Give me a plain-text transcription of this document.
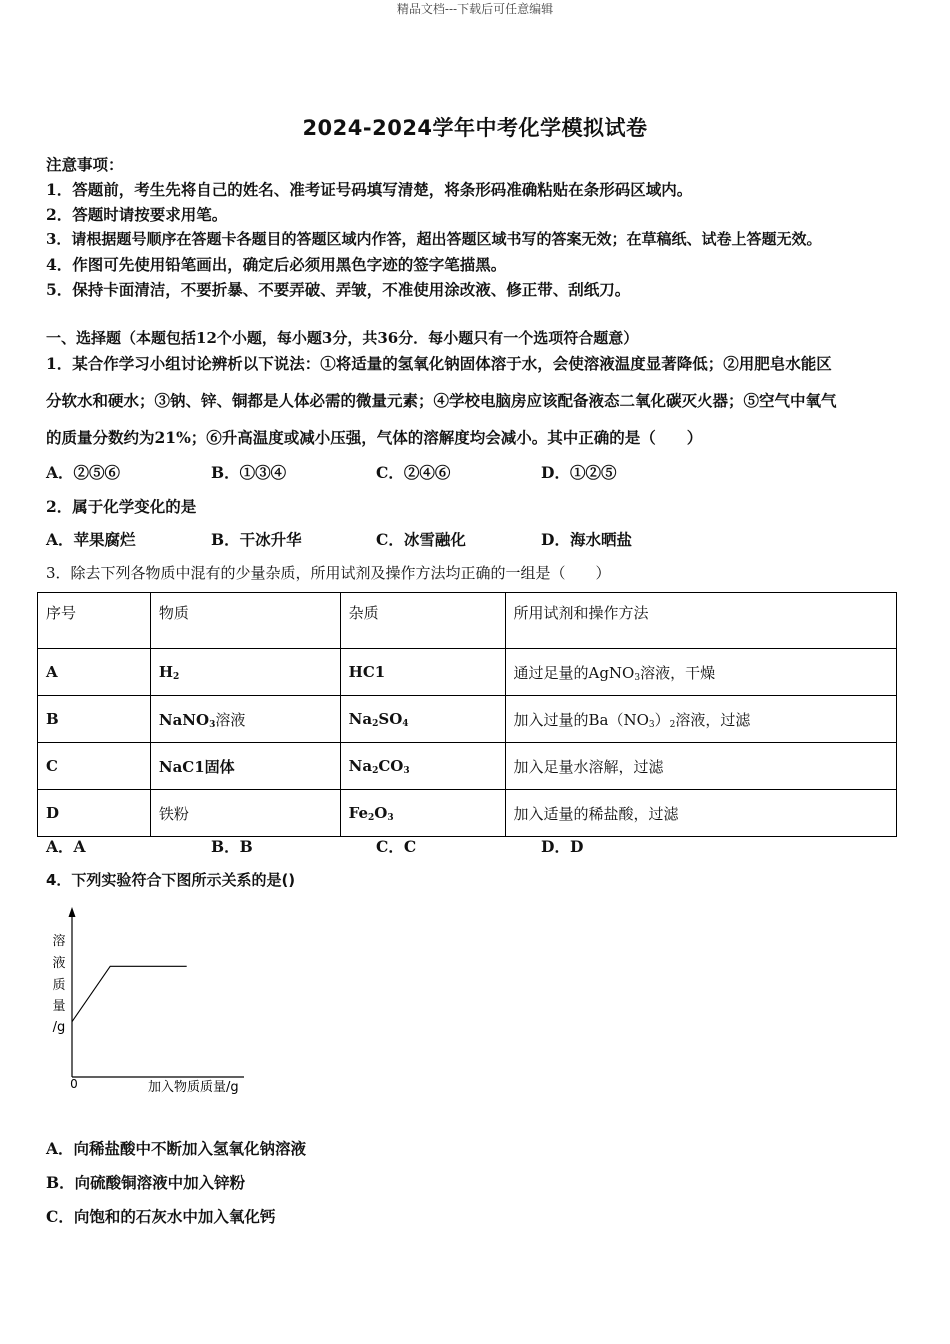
精品文档---下载后可任意编辑
2024-2024学年中考化学模拟试卷
注意事项：
1．答题前，考生先将自己的姓名、准考证号码填写清楚，将条形码准确粘贴在条形码区域内。
2．答题时请按要求用笔。
3．请根据题号顺序在答题卡各题目的答题区域内作答，超出答题区域书写的答案无效；在草稿纸、试卷上答题无效。
4．作图可先使用铅笔画出，确定后必须用黑色字迹的签字笔描黑。
5．保持卡面清洁，不要折暴、不要弄破、弄皱，不准使用涂改液、修正带、刮纸刀。
一、选择题（本题包括12个小题，每小题3分，共36分．每小题只有一个选项符合题意）
1．某合作学习小组讨论辨析以下说法：①将适量的氢氧化钠固体溶于水，会使溶液温度显著降低；②用肥皂水能区
分软水和硬水；③钠、锌、铜都是人体必需的微量元素；④学校电脑房应该配备液态二氧化碳灭火器；⑤空气中氧气
的质量分数约为21%；⑥升高温度或减小压强，气体的溶解度均会减小。其中正确的是（　　）
A．②⑤⑥	B．①③④	C．②④⑥	D．①②⑤
2．属于化学变化的是
A．苹果腐烂	B．干冰升华	C．冰雪融化	D．海水晒盐
3．除去下列各物质中混有的少量杂质，所用试剂及操作方法均正确的一组是（　　）
序号	物质	杂质	所用试剂和操作方法
A	$H_2$	HC1	通过足量的AgNO$_3$溶液，干燥
B	NaNO$_3$溶液	$Na_2SO_4$	加入过量的$Ba(NO_3)_2$溶液，过滤
C	NaC1固体	$Na_2CO_3$	加入足量水溶解，过滤
D	铁粉	$Fe_2O_3$	加入适量的稀盐酸，过滤
A．A	B．B	C．C	D．D
4．下列实验符合下图所示关系的是()
溶
液
质
量
/g
0	加入物质质量/g
A．向稀盐酸中不断加入氢氧化钠溶液
B．向硫酸铜溶液中加入锌粉
C．向饱和的石灰水中加入氧化钙
